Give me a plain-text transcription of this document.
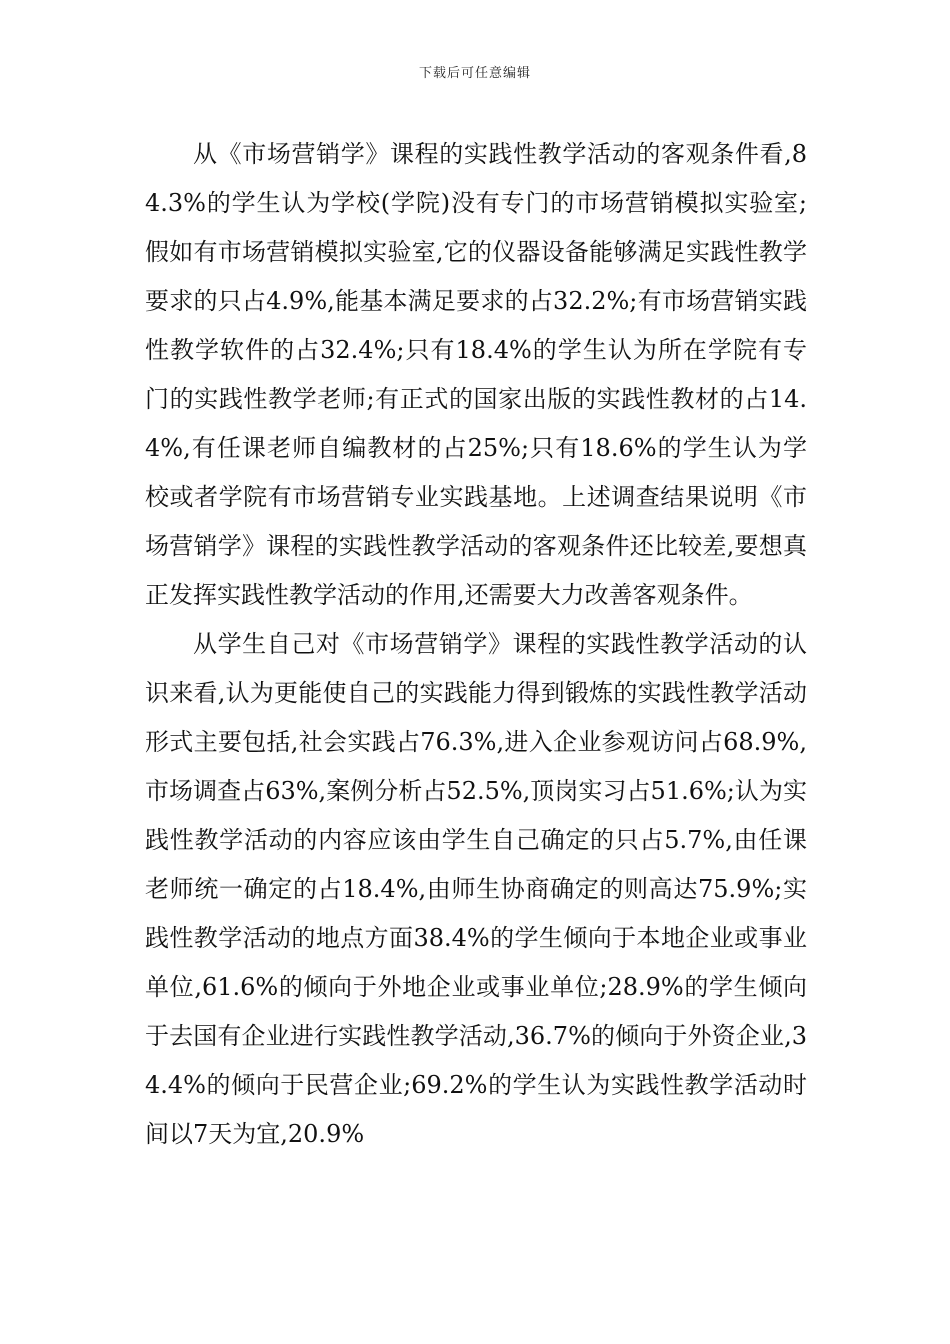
下载后可任意编辑

从《市场营销学》课程的实践性教学活动的客观条件看,84.3%的学生认为学校(学院)没有专门的市场营销模拟实验室;假如有市场营销模拟实验室,它的仪器设备能够满足实践性教学要求的只占4.9%,能基本满足要求的占32.2%;有市场营销实践性教学软件的占32.4%;只有18.4%的学生认为所在学院有专门的实践性教学老师;有正式的国家出版的实践性教材的占14.4%,有任课老师自编教材的占25%;只有18.6%的学生认为学校或者学院有市场营销专业实践基地。上述调查结果说明《市场营销学》课程的实践性教学活动的客观条件还比较差,要想真正发挥实践性教学活动的作用,还需要大力改善客观条件。

从学生自己对《市场营销学》课程的实践性教学活动的认识来看,认为更能使自己的实践能力得到锻炼的实践性教学活动形式主要包括,社会实践占76.3%,进入企业参观访问占68.9%,市场调查占63%,案例分析占52.5%,顶岗实习占51.6%;认为实践性教学活动的内容应该由学生自己确定的只占5.7%,由任课老师统一确定的占18.4%,由师生协商确定的则高达75.9%;实践性教学活动的地点方面38.4%的学生倾向于本地企业或事业单位,61.6%的倾向于外地企业或事业单位;28.9%的学生倾向于去国有企业进行实践性教学活动,36.7%的倾向于外资企业,34.4%的倾向于民营企业;69.2%的学生认为实践性教学活动时间以7天为宜,20.9%
